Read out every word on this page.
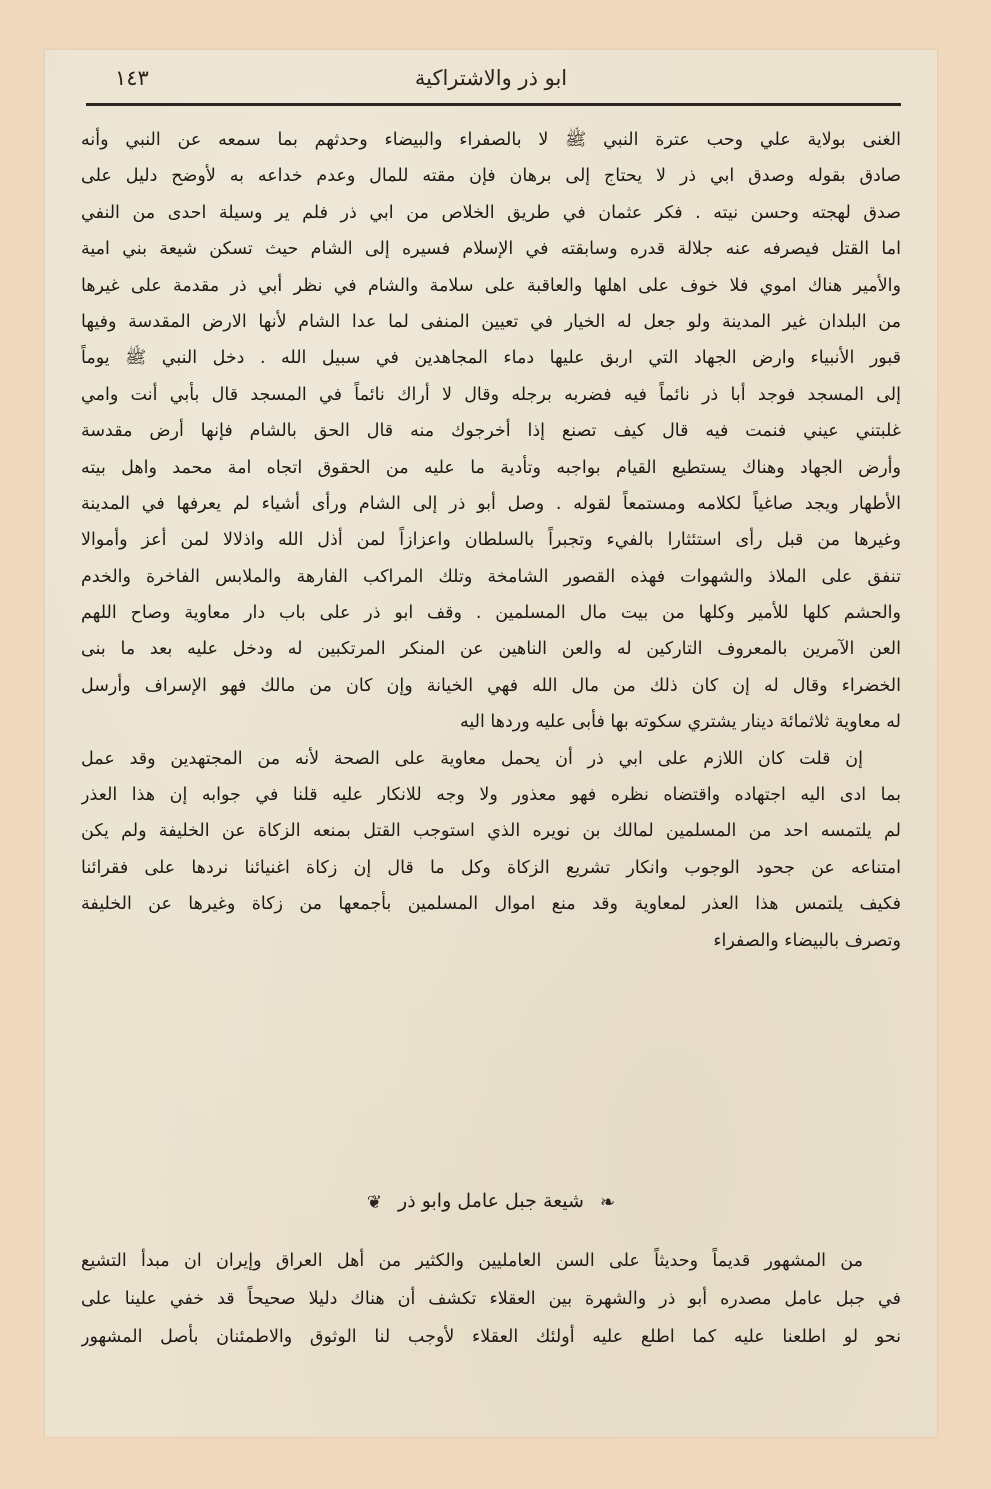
ابو ذر والاشتراكية
١٤٣
الغنى بولاية علي وحب عترة النبي ﷺ لا بالصفراء والبيضاء وحدثهم بما سمعه عن النبي وأنه
صادق بقوله وصدق ابي ذر لا يحتاج إلى برهان فإن مقته للمال وعدم خداعه به لأوضح دليل على
صدق لهجته وحسن نيته . فكر عثمان في طريق الخلاص من ابي ذر فلم ير وسيلة احدى من النفي
اما القتل فيصرفه عنه جلالة قدره وسابقته في الإسلام فسيره إلى الشام حيث تسكن شيعة بني امية
والأمير هناك اموي فلا خوف على اهلها والعاقبة على سلامة والشام في نظر أبي ذر مقدمة على غيرها
من البلدان غير المدينة ولو جعل له الخيار في تعيين المنفى لما عدا الشام لأنها الارض المقدسة وفيها
قبور الأنبياء وارض الجهاد التي اربق عليها دماء المجاهدين في سبيل الله . دخل النبي ﷺ يوماً
إلى المسجد فوجد أبا ذر نائماً فيه فضربه برجله وقال لا أراك نائماً في المسجد قال بأبي أنت وامي
غلبتني عيني فنمت فيه قال كيف تصنع إذا أخرجوك منه قال الحق بالشام فإنها أرض مقدسة
وأرض الجهاد وهناك يستطيع القيام بواجبه وتأدية ما عليه من الحقوق اتجاه امة محمد واهل بيته
الأطهار ويجد صاغياً لكلامه ومستمعاً لقوله . وصل أبو ذر إلى الشام ورأى أشياء لم يعرفها في المدينة
وغيرها من قبل رأى استئثارا بالفيء وتجبراً بالسلطان واعزازاً لمن أذل الله واذلالا لمن أعز وأموالا
تنفق على الملاذ والشهوات فهذه القصور الشامخة وتلك المراكب الفارهة والملابس الفاخرة والخدم
والحشم كلها للأمير وكلها من بيت مال المسلمين . وقف ابو ذر على باب دار معاوية وصاح اللهم
العن الآمرين بالمعروف التاركين له والعن الناهين عن المنكر المرتكبين له ودخل عليه بعد ما بنى
الخضراء وقال له إن كان ذلك من مال الله فهي الخيانة وإن كان من مالك فهو الإسراف وأرسل
له معاوية ثلاثمائة دينار يشتري سكوته بها فأبى عليه وردها اليه
إن قلت كان اللازم على ابي ذر أن يحمل معاوية على الصحة لأنه من المجتهدين وقد عمل
بما ادى اليه اجتهاده واقتضاه نظره فهو معذور ولا وجه للانكار عليه قلنا في جوابه إن هذا العذر
لم يلتمسه احد من المسلمين لمالك بن نويره الذي استوجب القتل بمنعه الزكاة عن الخليفة ولم يكن
امتناعه عن جحود الوجوب وانكار تشريع الزكاة وكل ما قال إن زكاة اغنيائنا نردها على فقرائنا
فكيف يلتمس هذا العذر لمعاوية وقد منع اموال المسلمين بأجمعها من زكاة وغيرها عن الخليفة
وتصرف بالبيضاء والصفراء
❧ شيعة جبل عامل وابو ذر ❦
من المشهور قديماً وحديثاً على السن العامليين والكثير من أهل العراق وإيران ان مبدأ التشيع
في جبل عامل مصدره أبو ذر والشهرة بين العقلاء تكشف أن هناك دليلا صحيحاً قد خفي علينا على
نحو لو اطلعنا عليه كما اطلع عليه أولئك العقلاء لأوجب لنا الوثوق والاطمئنان بأصل المشهور
